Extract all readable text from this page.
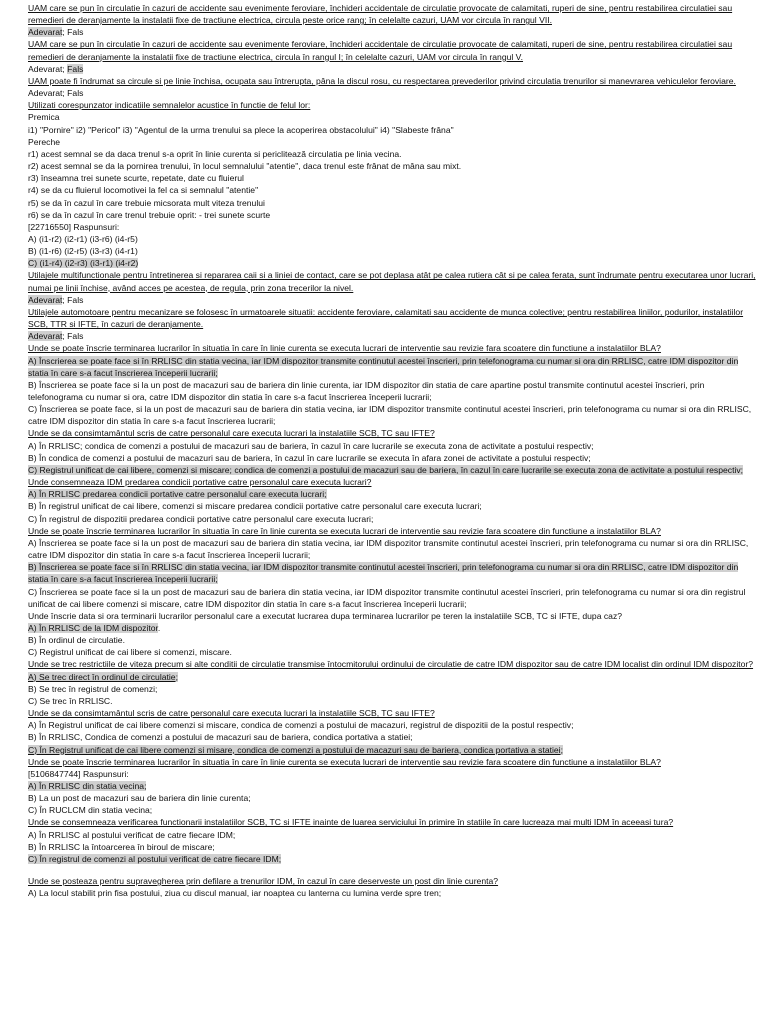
UAM care se pun în circulatie în cazuri de accidente sau evenimente feroviare, închideri accidentale de circulatie provocate de calamitati, ruperi de sine, pentru restabilirea circulatiei sau remedieri de deranjamente la instalatii fixe de tractiune electrica, circula peste orice rang; în celelalte cazuri, UAM vor circula în rangul VII.
Adevarat; Fals
UAM care se pun în circulatie în cazuri de accidente sau evenimente feroviare, închideri accidentale de circulatie provocate de calamitati, ruperi de sine, pentru restabilirea circulatiei sau remedieri de deranjamente la instalatii fixe de tractiune electrica, circula în rangul I; în celelalte cazuri, UAM vor circula în rangul V.
Adevarat; Fals
UAM poate fi îndrumat sa circule si pe linie închisa, ocupata sau întrerupta, pâna la discul rosu, cu respectarea prevederilor privind circulatia trenurilor si manevrarea vehiculelor feroviare.
Adevarat; Fals
Utilizati corespunzator indicatiile semnalelor acustice în functie de felul lor:
Premica
i1) "Pornire" i2) "Pericol" i3) "Agentul de la urma trenului sa plece la acoperirea obstacolului" i4) "Slabeste frâna"
Pereche
r1) acest semnal se da daca trenul s-a oprit în linie curenta si periclitează circulatia pe linia vecina.
r2) acest semnal se da la pornirea trenului, în locul semnalului "atentie", daca trenul este frânat de mâna sau mixt.
r3) înseamna trei sunete scurte, repetate, date cu fluierul
r4) se da cu fluierul locomotivei la fel ca si semnalul "atentie"
r5) se da în cazul în care trebuie micsorata mult viteza trenului
r6) se da în cazul în care trenul trebuie oprit: - trei sunete scurte
[22716550] Raspunsuri:
A) (i1-r2) (i2-r1) (i3-r6) (i4-r5)
B) (i1-r6) (i2-r5) (i3-r3) (i4-r1)
C) (i1-r4) (i2-r3) (i3-r1) (i4-r2)
Utilajele multifunctionale pentru întretinerea si repararea caii si a liniei de contact, care se pot deplasa atât pe calea rutiera cât si pe calea ferata, sunt îndrumate pentru executarea unor lucrari, numai pe linii închise, având acces pe acestea, de regula, prin zona trecerilor la nivel.
Adevarat; Fals
Utilajele automotoare pentru mecanizare se folosesc în urmatoarele situatii: accidente feroviare, calamitati sau accidente de munca colective; pentru restabilirea liniilor, podurilor, instalatiilor SCB, TTR si IFTE, în cazuri de deranjamente.
Adevarat; Fals
Unde se poate înscrie terminarea lucrarilor în situatia în care în linie curenta se executa lucrari de interventie sau revizie fara scoatere din functiune a instalatiilor BLA?
A) Înscrierea se poate face si în RRLISC din statia vecina, iar IDM dispozitor transmite continutul acestei înscrieri, prin telefonograma cu numar si ora din RRLISC, catre IDM dispozitor din statia în care s-a facut înscrierea începerii lucrarii;
B) Înscrierea se poate face si la un post de macazuri sau de bariera din linie curenta, iar IDM dispozitor din statia de care apartine postul transmite continutul acestei înscrieri, prin telefonograma cu numar si ora, catre IDM dispozitor din statia în care s-a facut înscrierea începerii lucrarii;
C) Înscrierea se poate face, si la un post de macazuri sau de bariera din statia vecina, iar IDM dispozitor transmite continutul acestei înscrieri, prin telefonograma cu numar si ora din RRLISC, catre IDM dispozitor din statia în care s-a facut înscrierea lucrarii;
Unde se da consimtamântul scris de catre personalul care executa lucrari la instalatiile SCB, TC sau IFTE?
A) În RRLISC; condica de comenzi a postului de macazuri sau de bariera, în cazul în care lucrarile se executa zona de activitate a postului respectiv;
B) În condica de comenzi a postului de macazuri sau de bariera, în cazul în care lucrarile se executa în afara zonei de activitate a postului respectiv;
C) Registrul unificat de cai libere, comenzi si miscare; condica de comenzi a postului de macazuri sau de bariera, în cazul în care lucrarile se executa zona de activitate a postului respectiv;
Unde consemneaza IDM predarea condicii portative catre personalul care executa lucrari?
A) În RRLISC predarea condicii portative catre personalul care executa lucrari;
B) În registrul unificat de cai libere, comenzi si miscare predarea condicii portative catre personalul care executa lucrari;
C) În registrul de dispozitii predarea condicii portative catre personalul care executa lucrari;
Unde se poate înscrie terminarea lucrarilor în situatia în care în linie curenta se executa lucrari de interventie sau revizie fara scoatere din functiune a instalatiilor BLA?
A) Înscrierea se poate face si la un post de macazuri sau de bariera din statia vecina, iar IDM dispozitor transmite continutul acestei înscrieri, prin telefonograma cu numar si ora din RRLISC, catre IDM dispozitor din statia în care s-a facut înscrierea începerii lucrarii;
B) Înscrierea se poate face si în RRLISC din statia vecina, iar IDM dispozitor transmite continutul acestei înscrieri, prin telefonograma cu numar si ora din RRLISC, catre IDM dispozitor din statia în care s-a facut înscrierea începerii lucrarii;
C) Înscrierea se poate face si la un post de macazuri sau de bariera din statia vecina, iar IDM dispozitor transmite continutul acestei înscrieri, prin telefonograma cu numar si ora din registrul unificat de cai libere comenzi si miscare, catre IDM dispozitor din statia în care s-a facut înscrierea începerii lucrarii;
Unde înscrie data si ora terminarii lucrarilor personalul care a executat lucrarea dupa terminarea lucrarilor pe teren la instalatiile SCB, TC si IFTE, dupa caz?
A) În RRLISC de la IDM dispozitor.
B) În ordinul de circulatie.
C) Registrul unificat de cai libere si comenzi, miscare.
Unde se trec restrictiile de viteza precum si alte conditii de circulatie transmise întocmitorului ordinului de circulatie de catre IDM dispozitor sau de catre IDM localist din ordinul IDM dispozitor?
A) Se trec direct în ordinul de circulatie;
B) Se trec în registrul de comenzi;
C) Se trec în RRLISC.
Unde se da consimtamântul scris de catre personalul care executa lucrari la instalatiile SCB, TC sau IFTE?
A) În Registrul unificat de cai libere comenzi si miscare, condica de comenzi a postului de macazuri, registrul de dispozitii de la postul respectiv;
B) În RRLISC, Condica de comenzi a postului de macazuri sau de bariera, condica portativa a statiei;
C) În Registrul unificat de cai libere comenzi si misare, condica de comenzi a postului de macazuri sau de bariera, condica portativa a statiei;
Unde se poate înscrie terminarea lucrarilor în situatia în care în linie curenta se executa lucrari de interventie sau revizie fara scoatere din functiune a instalatiilor BLA?
[5106847744] Raspunsuri:
A) În RRLISC din statia vecina;
B) La un post de macazuri sau de bariera din linie curenta;
C) În RUCLCM din statia vecina;
Unde se consemneaza verificarea functionarii instalatiilor SCB, TC si IFTE inainte de luarea serviciului în primire în statiile în care lucreaza mai multi IDM în aceeasi tura?
A) În RRLISC al postului verificat de catre fiecare IDM;
B) În RRLISC la întoarcerea în biroul de miscare;
C) În registrul de comenzi al postului verificat de catre fiecare IDM;
Unde se posteaza pentru supravegherea prin defilare a trenurilor IDM, în cazul în care deserveste un post din linie curenta?
A) La locul stabilit prin fisa postului, ziua cu discul manual, iar noaptea cu lanterna cu lumina verde spre tren;
